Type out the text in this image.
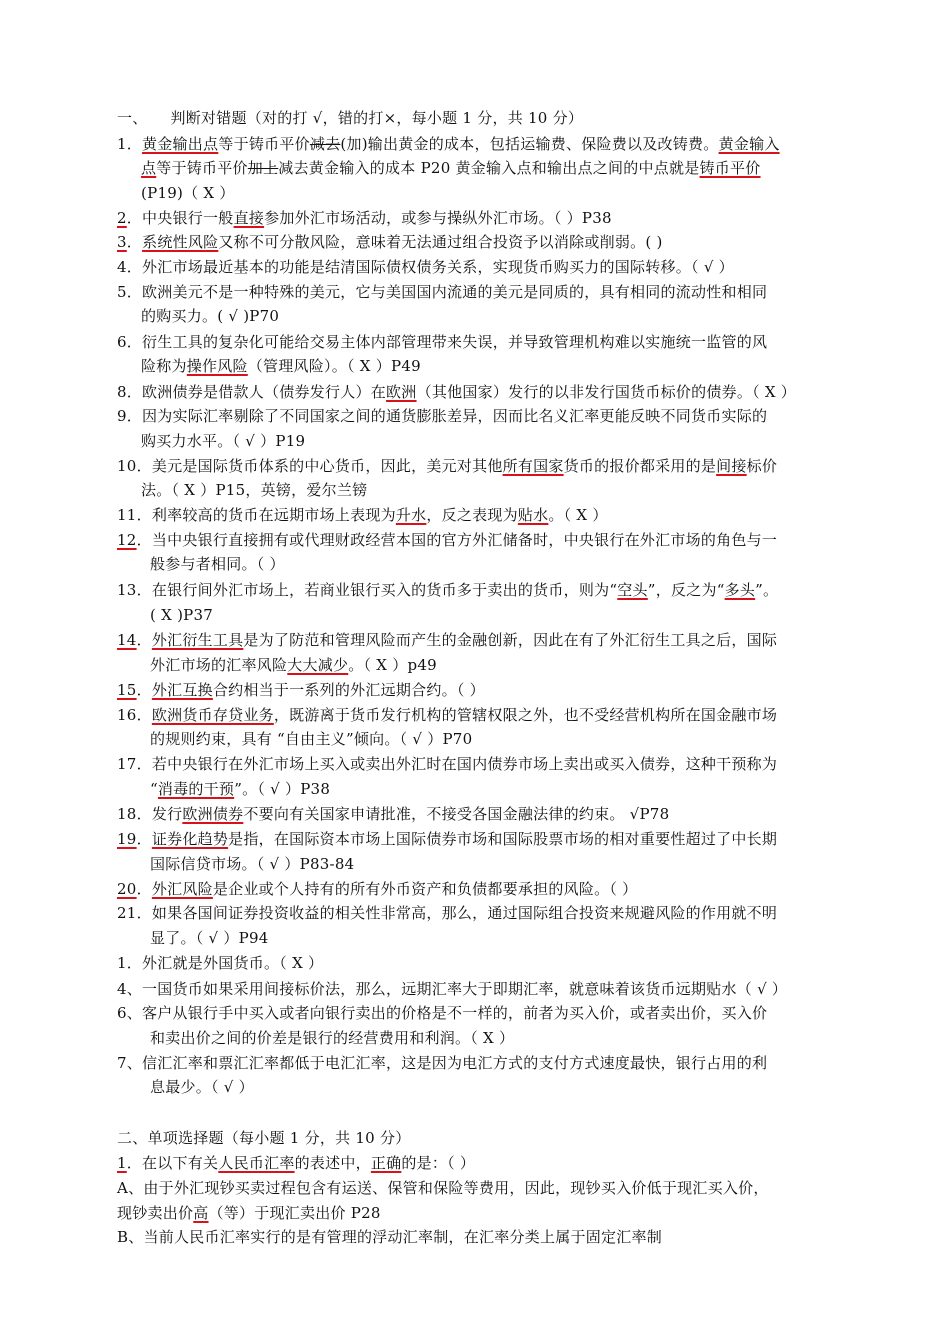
一、　　判断对错题（对的打 √，错的打×，每小题 1 分，共 10 分）
1．黄金输出点等于铸币平价减去(加)输出黄金的成本，包括运输费、保险费以及改铸费。黄金输入
点等于铸币平价加上减去黄金输入的成本 P20 黄金输入点和输出点之间的中点就是铸币平价
(P19)（ X ）
2．中央银行一般直接参加外汇市场活动，或参与操纵外汇市场。（ ）P38
3．系统性风险又称不可分散风险，意味着无法通过组合投资予以消除或削弱。( )
4．外汇市场最近基本的功能是结清国际债权债务关系，实现货币购买力的国际转移。（ √ ）
5．欧洲美元不是一种特殊的美元，它与美国国内流通的美元是同质的，具有相同的流动性和相同
的购买力。( √ )P70
6．衍生工具的复杂化可能给交易主体内部管理带来失误，并导致管理机构难以实施统一监管的风
险称为操作风险（管理风险）。（ X ）P49
8．欧洲债券是借款人（债券发行人）在欧洲（其他国家）发行的以非发行国货币标价的债券。（ X ）
9．因为实际汇率剔除了不同国家之间的通货膨胀差异，因而比名义汇率更能反映不同货币实际的
购买力水平。（ √ ）P19
10．美元是国际货币体系的中心货币，因此，美元对其他所有国家货币的报价都采用的是间接标价
法。（ X ）P15，英镑，爱尔兰镑
11．利率较高的货币在远期市场上表现为升水，反之表现为贴水。（ X ）
12．当中央银行直接拥有或代理财政经营本国的官方外汇储备时，中央银行在外汇市场的角色与一
般参与者相同。（ ）
13．在银行间外汇市场上，若商业银行买入的货币多于卖出的货币，则为“空头”，反之为“多头”。
( X )P37
14．外汇衍生工具是为了防范和管理风险而产生的金融创新，因此在有了外汇衍生工具之后，国际
外汇市场的汇率风险大大减少。（ X ）p49
15．外汇互换合约相当于一系列的外汇远期合约。（ ）
16．欧洲货币存贷业务，既游离于货币发行机构的管辖权限之外，也不受经营机构所在国金融市场
的规则约束，具有 “自由主义”倾向。（ √ ）P70
17．若中央银行在外汇市场上买入或卖出外汇时在国内债券市场上卖出或买入债券，这种干预称为
“消毒的干预”。（ √ ）P38
18．发行欧洲债券不要向有关国家申请批准，不接受各国金融法律的约束。 √P78
19．证券化趋势是指，在国际资本市场上国际债券市场和国际股票市场的相对重要性超过了中长期
国际信贷市场。（ √ ）P83-84
20．外汇风险是企业或个人持有的所有外币资产和负债都要承担的风险。（ ）
21．如果各国间证券投资收益的相关性非常高，那么，通过国际组合投资来规避风险的作用就不明
显了。（ √ ）P94
1．外汇就是外国货币。（ X ）
4、一国货币如果采用间接标价法，那么，远期汇率大于即期汇率，就意味着该货币远期贴水（ √ ）
6、客户从银行手中买入或者向银行卖出的价格是不一样的，前者为买入价，或者卖出价，买入价
和卖出价之间的价差是银行的经营费用和利润。（ X ）
7、信汇汇率和票汇汇率都低于电汇汇率，这是因为电汇方式的支付方式速度最快，银行占用的利
息最少。（ √ ）
二、单项选择题（每小题 1 分，共 10 分）
1．在以下有关人民币汇率的表述中，正确的是：（ ）
A、由于外汇现钞买卖过程包含有运送、保管和保险等费用，因此，现钞买入价低于现汇买入价，
现钞卖出价高（等）于现汇卖出价 P28
B、当前人民币汇率实行的是有管理的浮动汇率制，在汇率分类上属于固定汇率制
